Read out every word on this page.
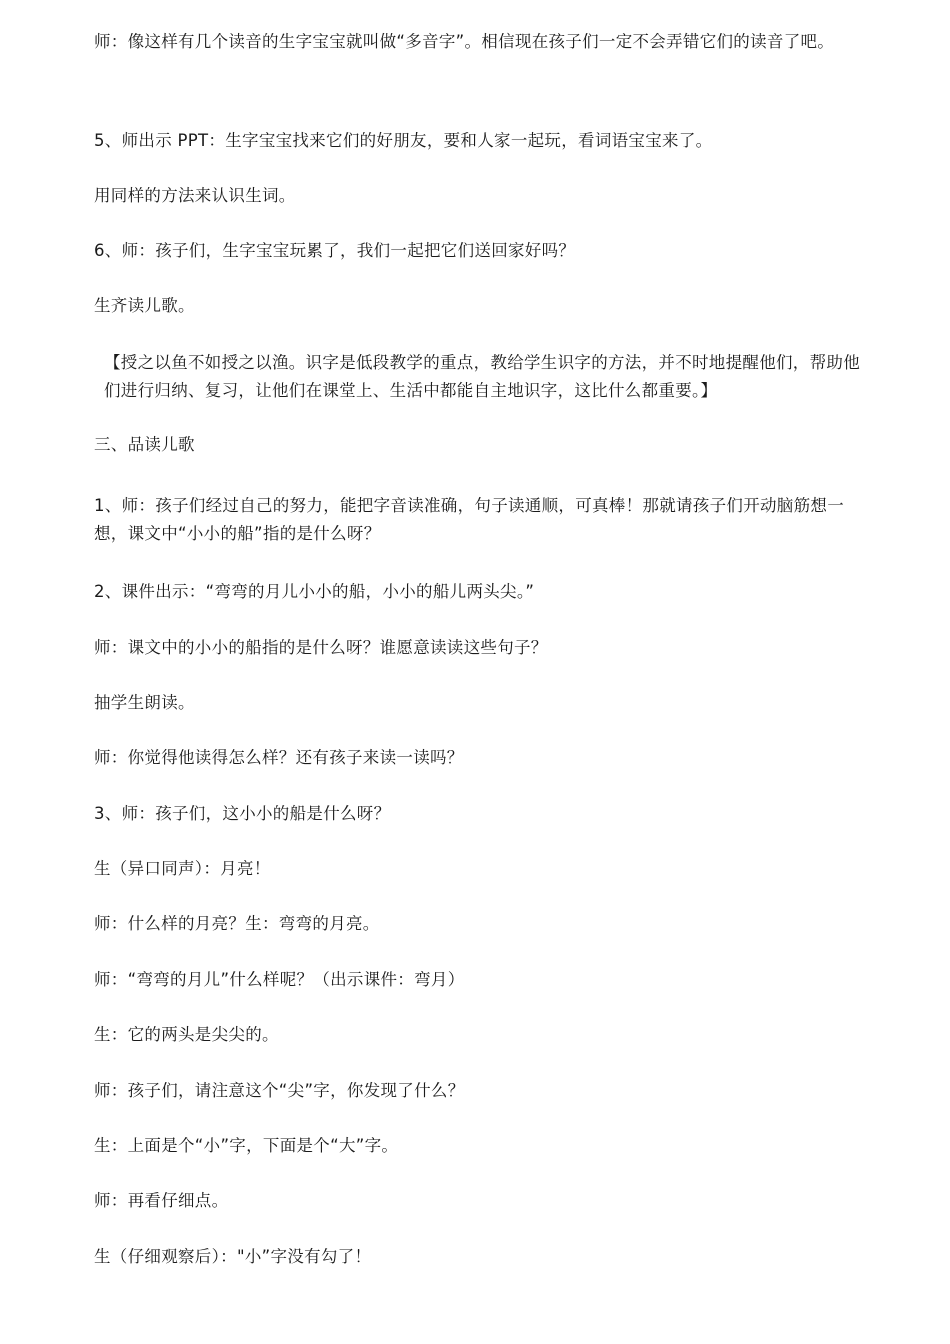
师：像这样有几个读音的生字宝宝就叫做“多音字”。相信现在孩子们一定不会弄错它们的读音了吧。

5、师出示 PPT：生字宝宝找来它们的好朋友，要和人家一起玩，看词语宝宝来了。

用同样的方法来认识生词。

6、师：孩子们，生字宝宝玩累了，我们一起把它们送回家好吗？

生齐读儿歌。

【授之以鱼不如授之以渔。识字是低段教学的重点，教给学生识字的方法，并不时地提醒他们，帮助他们进行归纳、复习，让他们在课堂上、生活中都能自主地识字，这比什么都重要。】

三、品读儿歌

1、师：孩子们经过自己的努力，能把字音读准确，句子读通顺，可真棒！那就请孩子们开动脑筋想一想，课文中“小小的船”指的是什么呀？

2、课件出示：“弯弯的月儿小小的船，小小的船儿两头尖。”

师：课文中的小小的船指的是什么呀？谁愿意读读这些句子？

抽学生朗读。

师：你觉得他读得怎么样？还有孩子来读一读吗？

3、师：孩子们，这小小的船是什么呀？

生（异口同声）：月亮！

师：什么样的月亮？生：弯弯的月亮。

师：“弯弯的月儿”什么样呢？（出示课件：弯月）

生：它的两头是尖尖的。

师：孩子们，请注意这个“尖”字，你发现了什么？

生：上面是个“小”字，下面是个“大”字。

师：再看仔细点。

生（仔细观察后）："小”字没有勾了！
